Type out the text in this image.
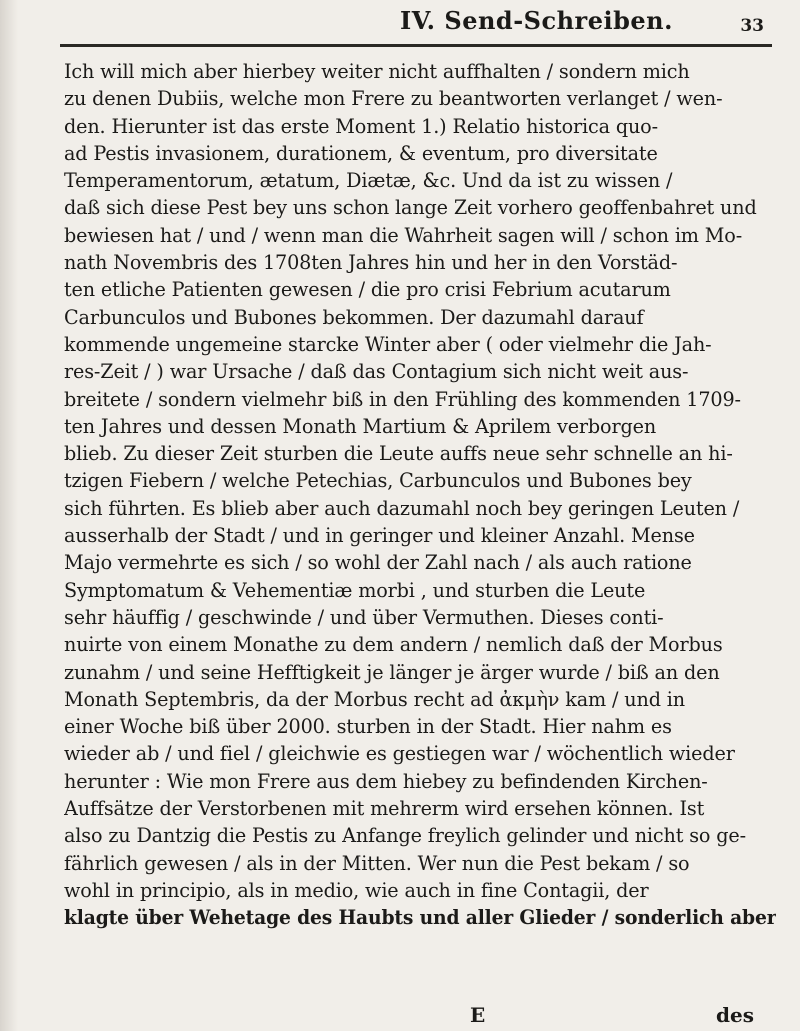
IV. Send-Schreiben.	33
Ich will mich aber hierbey weiter nicht auffhalten / sondern mich
zu denen Dubiis, welche mon Frere zu beantworten verlanget / wen-
den. Hierunter ist das erste Moment 1.) Relatio historica quo-
ad Pestis invasionem, durationem, & eventum, pro diversitate
Temperamentorum, ætatum, Diætæ, &c. Und da ist zu wissen /
daß sich diese Pest bey uns schon lange Zeit vorhero geoffenbahret und
bewiesen hat / und / wenn man die Wahrheit sagen will / schon im Mo-
nath Novembris des 1708ten Jahres hin und her in den Vorstäd-
ten etliche Patienten gewesen / die pro crisi Febrium acutarum
Carbunculos und Bubones bekommen. Der dazumahl darauf
kommende ungemeine starcke Winter aber ( oder vielmehr die Jah-
res-Zeit / ) war Ursache / daß das Contagium sich nicht weit aus-
breitete / sondern vielmehr biß in den Frühling des kommenden 1709-
ten Jahres und dessen Monath Martium & Aprilem verborgen
blieb. Zu dieser Zeit sturben die Leute auffs neue sehr schnelle an hi-
tzigen Fiebern / welche Petechias, Carbunculos und Bubones bey
sich führten. Es blieb aber auch dazumahl noch bey geringen Leuten /
ausserhalb der Stadt / und in geringer und kleiner Anzahl. Mense
Majo vermehrte es sich / so wohl der Zahl nach / als auch ratione
Symptomatum & Vehementiæ morbi , und sturben die Leute
sehr häuffig / geschwinde / und über Vermuthen. Dieses conti-
nuirte von einem Monathe zu dem andern / nemlich daß der Morbus
zunahm / und seine Hefftigkeit je länger je ärger wurde / biß an den
Monath Septembris, da der Morbus recht ad ἀκμὴν kam / und in
einer Woche biß über 2000. sturben in der Stadt. Hier nahm es
wieder ab / und fiel / gleichwie es gestiegen war / wöchentlich wieder
herunter : Wie mon Frere aus dem hiebey zu befindenden Kirchen-
Auffsätze der Verstorbenen mit mehrerm wird ersehen können. Ist
also zu Dantzig die Pestis zu Anfange freylich gelinder und nicht so ge-
fährlich gewesen / als in der Mitten. Wer nun die Pest bekam / so
wohl in principio, als in medio, wie auch in fine Contagii, der
klagte über Wehetage des Haubts und aller Glieder / sonderlich aber
E	des
